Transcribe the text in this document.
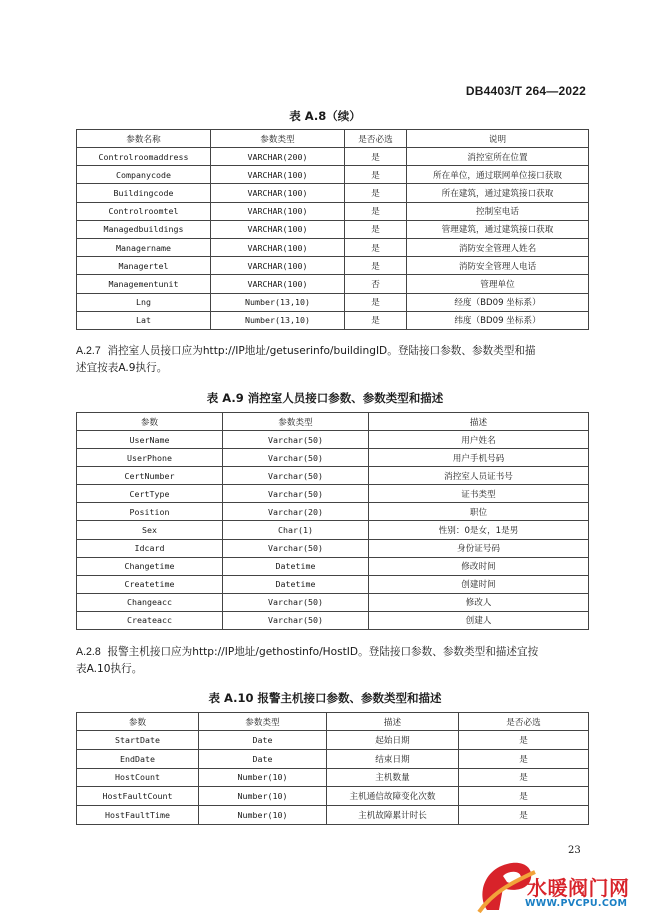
DB4403/T 264—2022
表 A.8（续）
参数名称	参数类型	是否必选	说明
Controlroomaddress	VARCHAR(200)	是	消控室所在位置
Companycode	VARCHAR(100)	是	所在单位，通过联网单位接口获取
Buildingcode	VARCHAR(100)	是	所在建筑，通过建筑接口获取
Controlroomtel	VARCHAR(100)	是	控制室电话
Managedbuildings	VARCHAR(100)	是	管理建筑，通过建筑接口获取
Managername	VARCHAR(100)	是	消防安全管理人姓名
Managertel	VARCHAR(100)	是	消防安全管理人电话
Managementunit	VARCHAR(100)	否	管理单位
Lng	Number(13,10)	是	经度（BD09 坐标系）
Lat	Number(13,10)	是	纬度（BD09 坐标系）
A.2.7 消控室人员接口应为http://IP地址/getuserinfo/buildingID。登陆接口参数、参数类型和描
述宜按表A.9执行。
表 A.9 消控室人员接口参数、参数类型和描述
参数	参数类型	描述
UserName	Varchar(50)	用户姓名
UserPhone	Varchar(50)	用户手机号码
CertNumber	Varchar(50)	消控室人员证书号
CertType	Varchar(50)	证书类型
Position	Varchar(20)	职位
Sex	Char(1)	性别：0是女，1是男
Idcard	Varchar(50)	身份证号码
Changetime	Datetime	修改时间
Createtime	Datetime	创建时间
Changeacc	Varchar(50)	修改人
Createacc	Varchar(50)	创建人
A.2.8 报警主机接口应为http://IP地址/gethostinfo/HostID。登陆接口参数、参数类型和描述宜按
表A.10执行。
表 A.10 报警主机接口参数、参数类型和描述
参数	参数类型	描述	是否必选
StartDate	Date	起始日期	是
EndDate	Date	结束日期	是
HostCount	Number(10)	主机数量	是
HostFaultCount	Number(10)	主机通信故障变化次数	是
HostFaultTime	Number(10)	主机故障累计时长	是
23
水暖阀门网
WWW.PVCPU.COM
